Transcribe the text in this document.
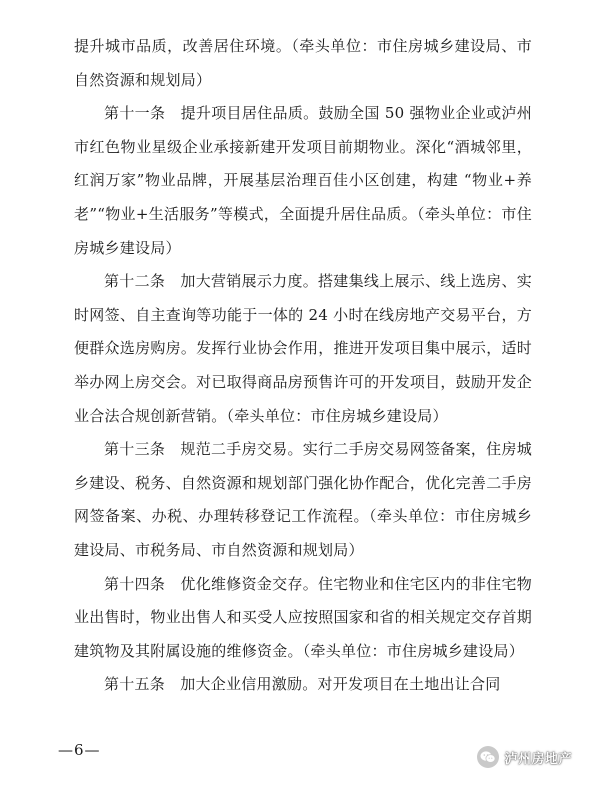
提升城市品质，改善居住环境。（牵头单位：市住房城乡建设局、市自然资源和规划局）

第十一条　提升项目居住品质。鼓励全国 50 强物业企业或泸州市红色物业星级企业承接新建开发项目前期物业。深化“酒城邻里，红润万家”物业品牌，开展基层治理百佳小区创建，构建 “物业+养老”“物业+生活服务”等模式，全面提升居住品质。（牵头单位：市住房城乡建设局）

第十二条　加大营销展示力度。搭建集线上展示、线上选房、实时网签、自主查询等功能于一体的 24 小时在线房地产交易平台，方便群众选房购房。发挥行业协会作用，推进开发项目集中展示，适时举办网上房交会。对已取得商品房预售许可的开发项目，鼓励开发企业合法合规创新营销。（牵头单位：市住房城乡建设局）

第十三条　规范二手房交易。实行二手房交易网签备案，住房城乡建设、税务、自然资源和规划部门强化协作配合，优化完善二手房网签备案、办税、办理转移登记工作流程。（牵头单位：市住房城乡建设局、市税务局、市自然资源和规划局）

第十四条　优化维修资金交存。住宅物业和住宅区内的非住宅物业出售时，物业出售人和买受人应按照国家和省的相关规定交存首期建筑物及其附属设施的维修资金。（牵头单位：市住房城乡建设局）

第十五条　加大企业信用激励。对开发项目在土地出让合同

—6—	泸州房地产
